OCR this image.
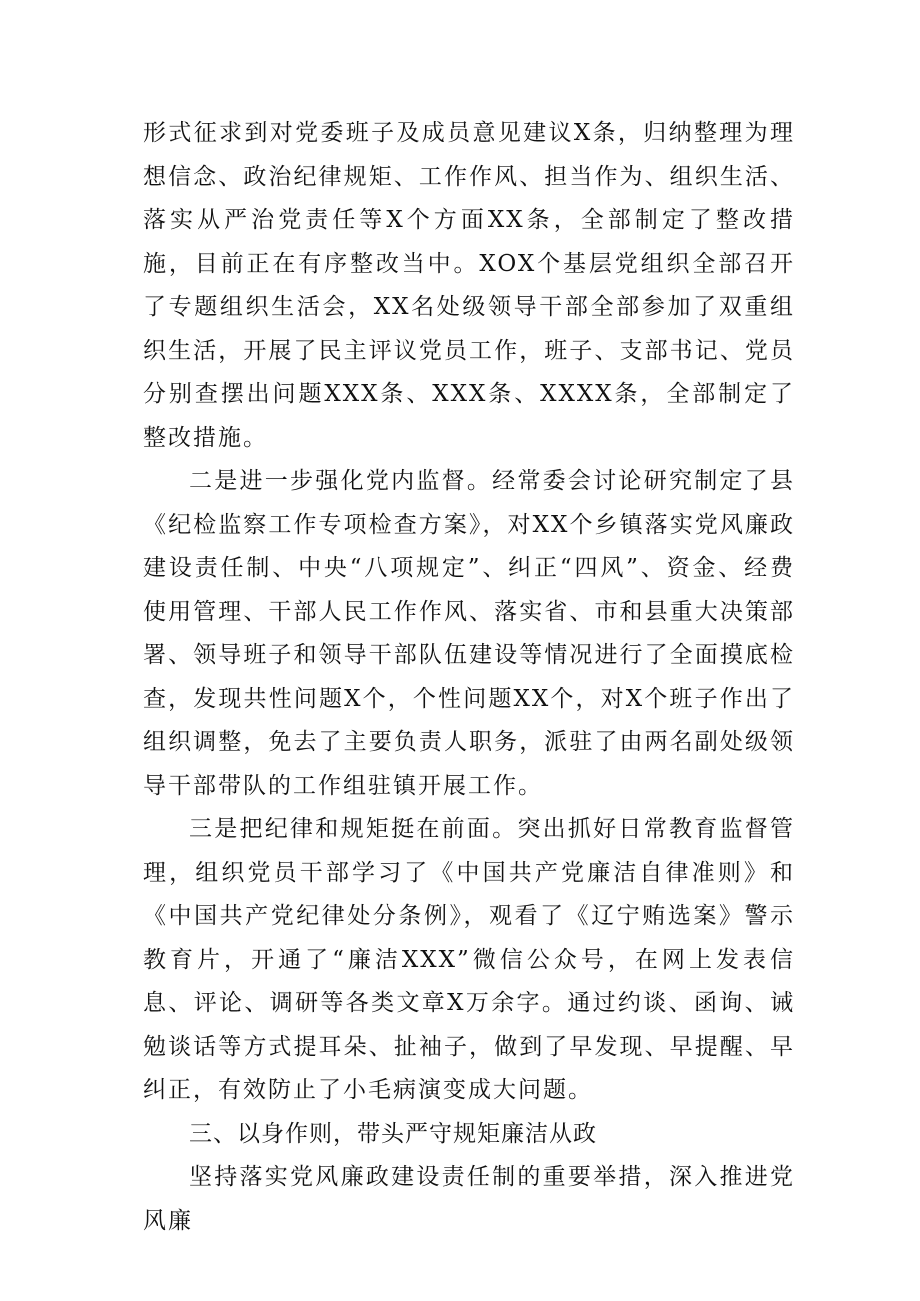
形式征求到对党委班子及成员意见建议X条，归纳整理为理想信念、政治纪律规矩、工作作风、担当作为、组织生活、落实从严治党责任等X个方面XX条，全部制定了整改措施，目前正在有序整改当中。XOX个基层党组织全部召开了专题组织生活会，XX名处级领导干部全部参加了双重组织生活，开展了民主评议党员工作，班子、支部书记、党员分别查摆出问题XXX条、XXX条、XXXX条，全部制定了整改措施。

二是进一步强化党内监督。经常委会讨论研究制定了县《纪检监察工作专项检查方案》，对XX个乡镇落实党风廉政建设责任制、中央“八项规定”、纠正“四风”、资金、经费使用管理、干部人民工作作风、落实省、市和县重大决策部署、领导班子和领导干部队伍建设等情况进行了全面摸底检查，发现共性问题X个，个性问题XX个，对X个班子作出了组织调整，免去了主要负责人职务，派驻了由两名副处级领导干部带队的工作组驻镇开展工作。

三是把纪律和规矩挺在前面。突出抓好日常教育监督管理，组织党员干部学习了《中国共产党廉洁自律准则》和《中国共产党纪律处分条例》，观看了《辽宁贿选案》警示教育片，开通了“廉洁XXX”微信公众号，在网上发表信息、评论、调研等各类文章X万余字。通过约谈、函询、诫勉谈话等方式提耳朵、扯袖子，做到了早发现、早提醒、早纠正，有效防止了小毛病演变成大问题。

三、以身作则，带头严守规矩廉洁从政

坚持落实党风廉政建设责任制的重要举措，深入推进党风廉
